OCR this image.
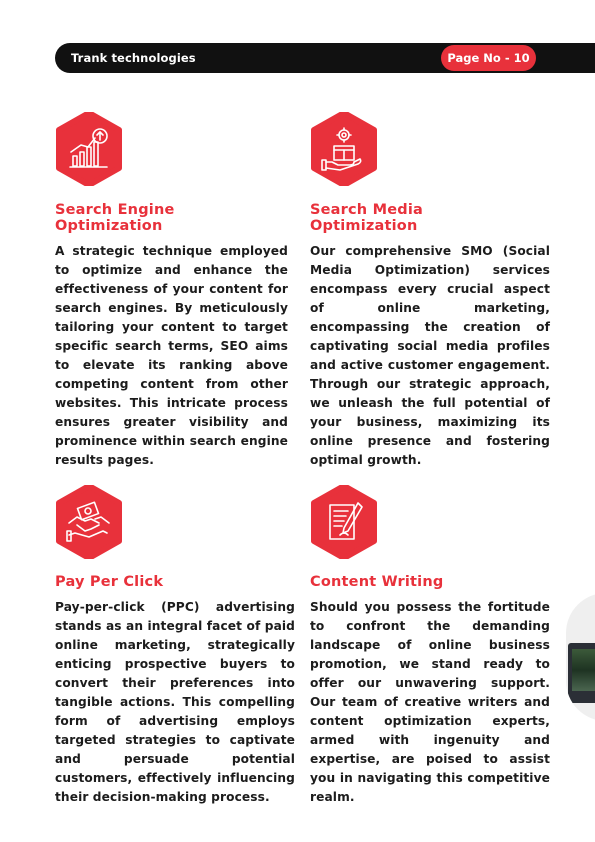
Trank technologies	Page No - 10
Search Engine Optimization

A strategic technique employed to optimize and enhance the effectiveness of your content for search engines. By meticulously tailoring your content to target specific search terms, SEO aims to elevate its ranking above competing content from other websites. This intricate process ensures greater visibility and prominence within search engine results pages.

Search Media Optimization

Our comprehensive SMO (Social Media Optimization) services encompass every crucial aspect of online marketing, encompassing the creation of captivating social media profiles and active customer engagement. Through our strategic approach, we unleash the full potential of your business, maximizing its online presence and fostering optimal growth.

Pay Per Click

Pay-per-click (PPC) advertising stands as an integral facet of paid online marketing, strategically enticing prospective buyers to convert their preferences into tangible actions. This compelling form of advertising employs targeted strategies to captivate and persuade potential customers, effectively influencing their decision-making process.

Content Writing

Should you possess the fortitude to confront the demanding landscape of online business promotion, we stand ready to offer our unwavering support. Our team of creative writers and content optimization experts, armed with ingenuity and expertise, are poised to assist you in navigating this competitive realm.
